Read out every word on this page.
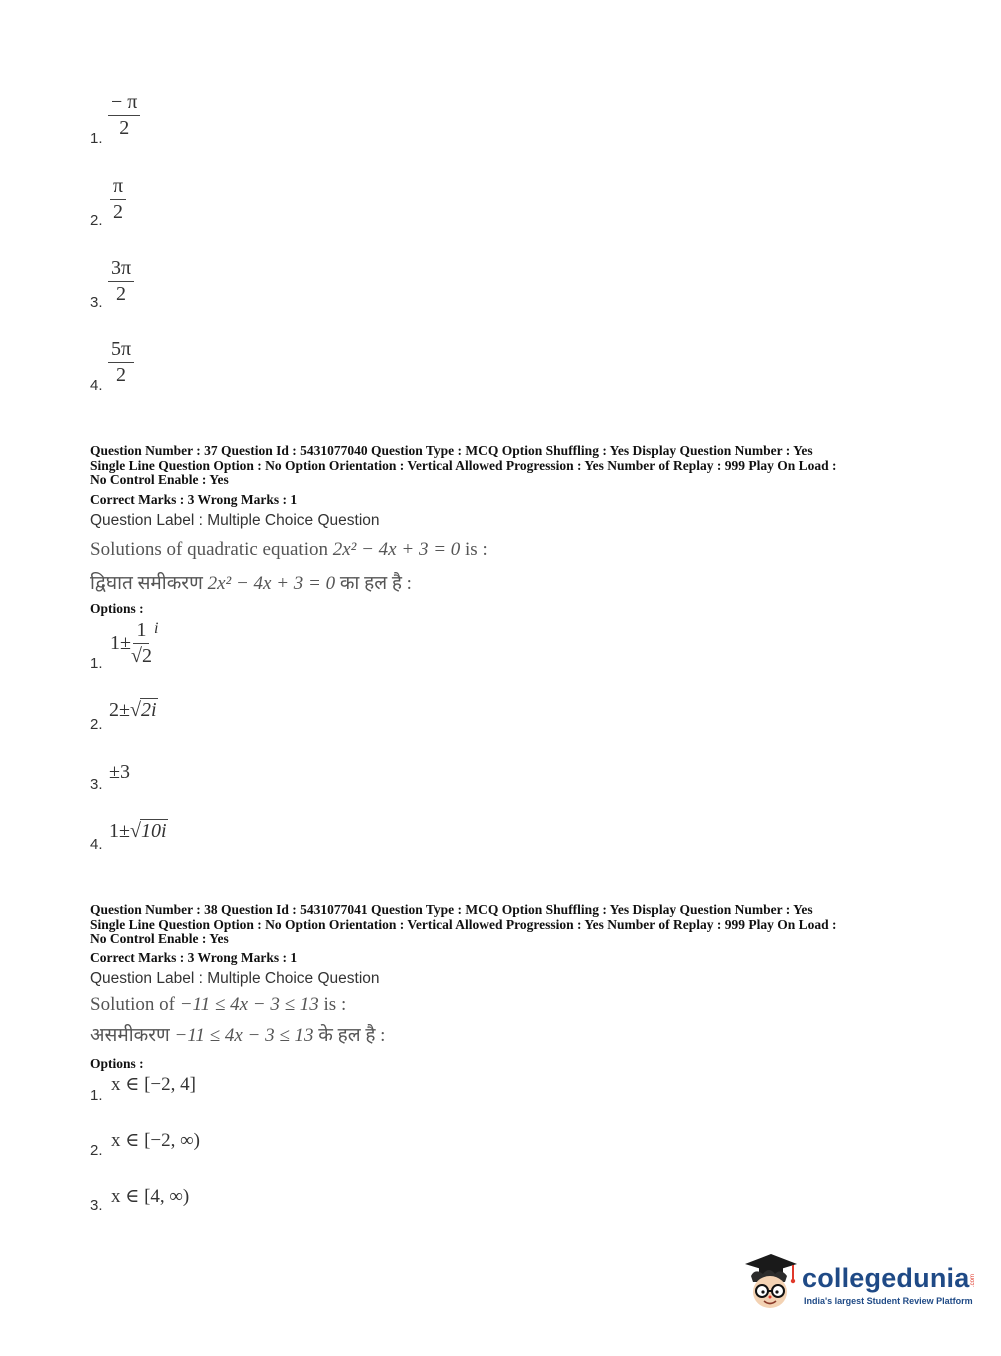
1. $\frac{- \pi}{2}$
2. $\frac{\pi}{2}$
3. $\frac{3\pi}{2}$
4. $\frac{5\pi}{2}$
Question Number : 37 Question Id : 5431077040 Question Type : MCQ Option Shuffling : Yes Display Question Number : Yes
Single Line Question Option : No Option Orientation : Vertical Allowed Progression : Yes Number of Replay : 999 Play On Load :
No Control Enable : Yes
Correct Marks : 3 Wrong Marks : 1
Question Label : Multiple Choice Question
Solutions of quadratic equation 2x² − 4x + 3 = 0 is :
द्विघात समीकरण 2x² − 4x + 3 = 0 का हल है :
Options :
1.
$1\pm \frac{1}{√2}$ i
2.
2±√2i
3.
±3
4.
1±√10i
Question Number : 38 Question Id : 5431077041 Question Type : MCQ Option Shuffling : Yes Display Question Number : Yes
Single Line Question Option : No Option Orientation : Vertical Allowed Progression : Yes Number of Replay : 999 Play On Load :
No Control Enable : Yes
Correct Marks : 3 Wrong Marks : 1
Question Label : Multiple Choice Question
Solution of −11 ≤ 4x − 3 ≤ 13 is :
असमीकरण −11 ≤ 4x − 3 ≤ 13 के हल है :
Options :
1.
x ∈ [−2, 4]
2. x ∈ [−2, ∞)
3. x ∈ [4, ∞)
collegedunia .com
India's largest Student Review Platform
